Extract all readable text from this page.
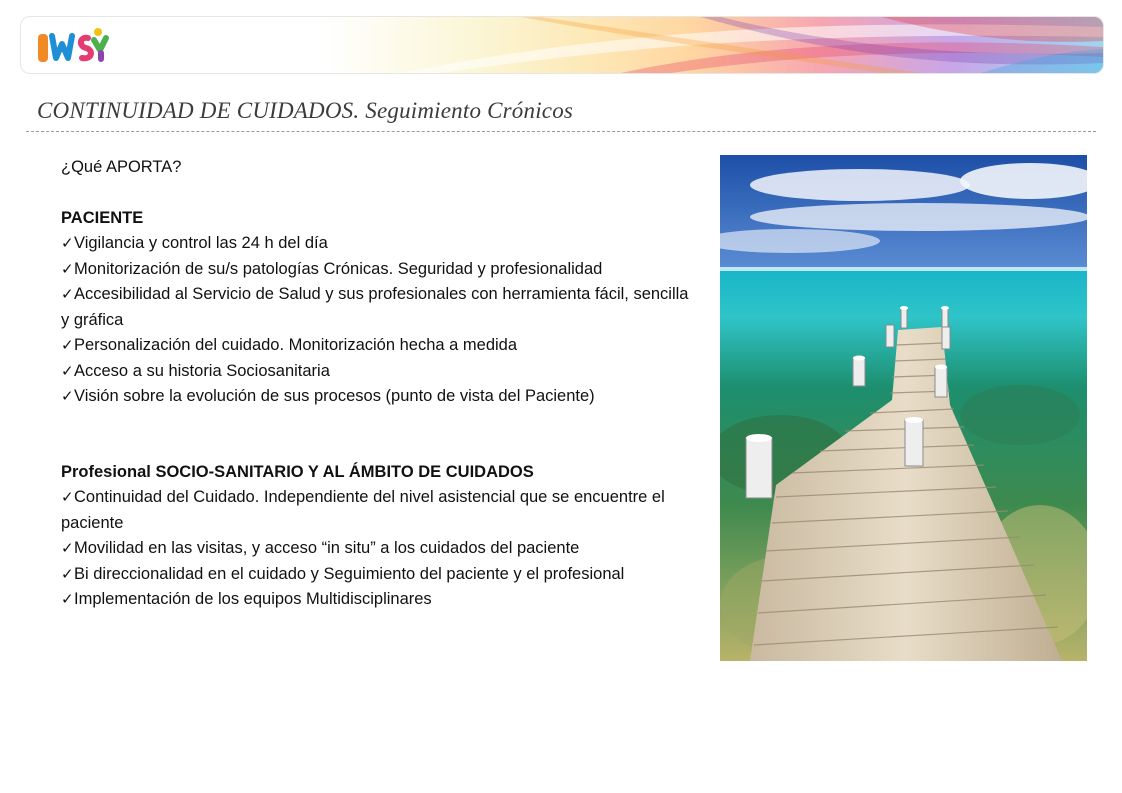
CONTINUIDAD DE CUIDADOS. Seguimiento Crónicos

¿Qué APORTA?

PACIENTE

✓Vigilancia y control las 24 h del día

✓Monitorización de su/s patologías Crónicas. Seguridad y profesionalidad

✓Accesibilidad al Servicio de Salud y sus profesionales con herramienta fácil, sencilla y gráfica

✓Personalización del cuidado. Monitorización hecha a medida

✓Acceso a su historia Sociosanitaria

✓Visión sobre la evolución de sus procesos (punto de vista del Paciente)

Profesional SOCIO-SANITARIO Y AL ÁMBITO DE CUIDADOS

✓Continuidad del Cuidado. Independiente del nivel asistencial que se encuentre el paciente

✓Movilidad en las visitas, y acceso “in situ” a los cuidados del paciente

✓Bi direccionalidad en el cuidado y Seguimiento del paciente y el profesional

✓Implementación de los equipos Multidisciplinares
